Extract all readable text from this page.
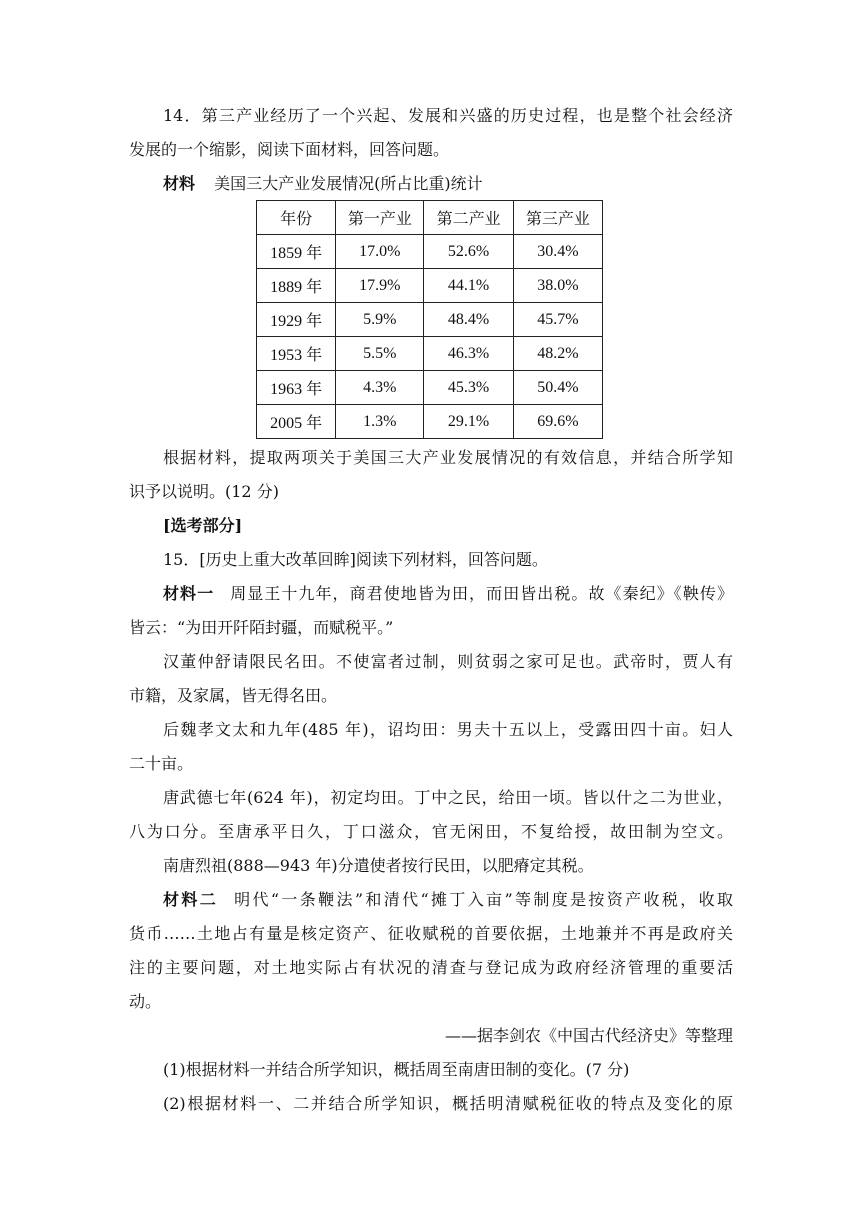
14．第三产业经历了一个兴起、发展和兴盛的历史过程，也是整个社会经济
发展的一个缩影，阅读下面材料，回答问题。
材料 美国三大产业发展情况(所占比重)统计
年份	第一产业	第二产业	第三产业
1859 年	17.0%	52.6%	30.4%
1889 年	17.9%	44.1%	38.0%
1929 年	5.9%	48.4%	45.7%
1953 年	5.5%	46.3%	48.2%
1963 年	4.3%	45.3%	50.4%
2005 年	1.3%	29.1%	69.6%
根据材料，提取两项关于美国三大产业发展情况的有效信息，并结合所学知
识予以说明。(12 分)
[选考部分]
15．[历史上重大改革回眸]阅读下列材料，回答问题。
材料一 周显王十九年，商君使地皆为田，而田皆出税。故《秦纪》《鞅传》
皆云：“为田开阡陌封疆，而赋税平。”
汉董仲舒请限民名田。不使富者过制，则贫弱之家可足也。武帝时，贾人有
市籍，及家属，皆无得名田。
后魏孝文太和九年(485 年)，诏均田：男夫十五以上，受露田四十亩。妇人
二十亩。
唐武德七年(624 年)，初定均田。丁中之民，给田一顷。皆以什之二为世业，
八为口分。至唐承平日久，丁口滋众，官无闲田，不复给授，故田制为空文。
南唐烈祖(888—943 年)分遣使者按行民田，以肥瘠定其税。
材料二 明代“一条鞭法”和清代“摊丁入亩”等制度是按资产收税，收取
货币……土地占有量是核定资产、征收赋税的首要依据，土地兼并不再是政府关
注的主要问题，对土地实际占有状况的清查与登记成为政府经济管理的重要活
动。
——据李剑农《中国古代经济史》等整理
(1)根据材料一并结合所学知识，概括周至南唐田制的变化。(7 分)
(2)根据材料一、二并结合所学知识，概括明清赋税征收的特点及变化的原
